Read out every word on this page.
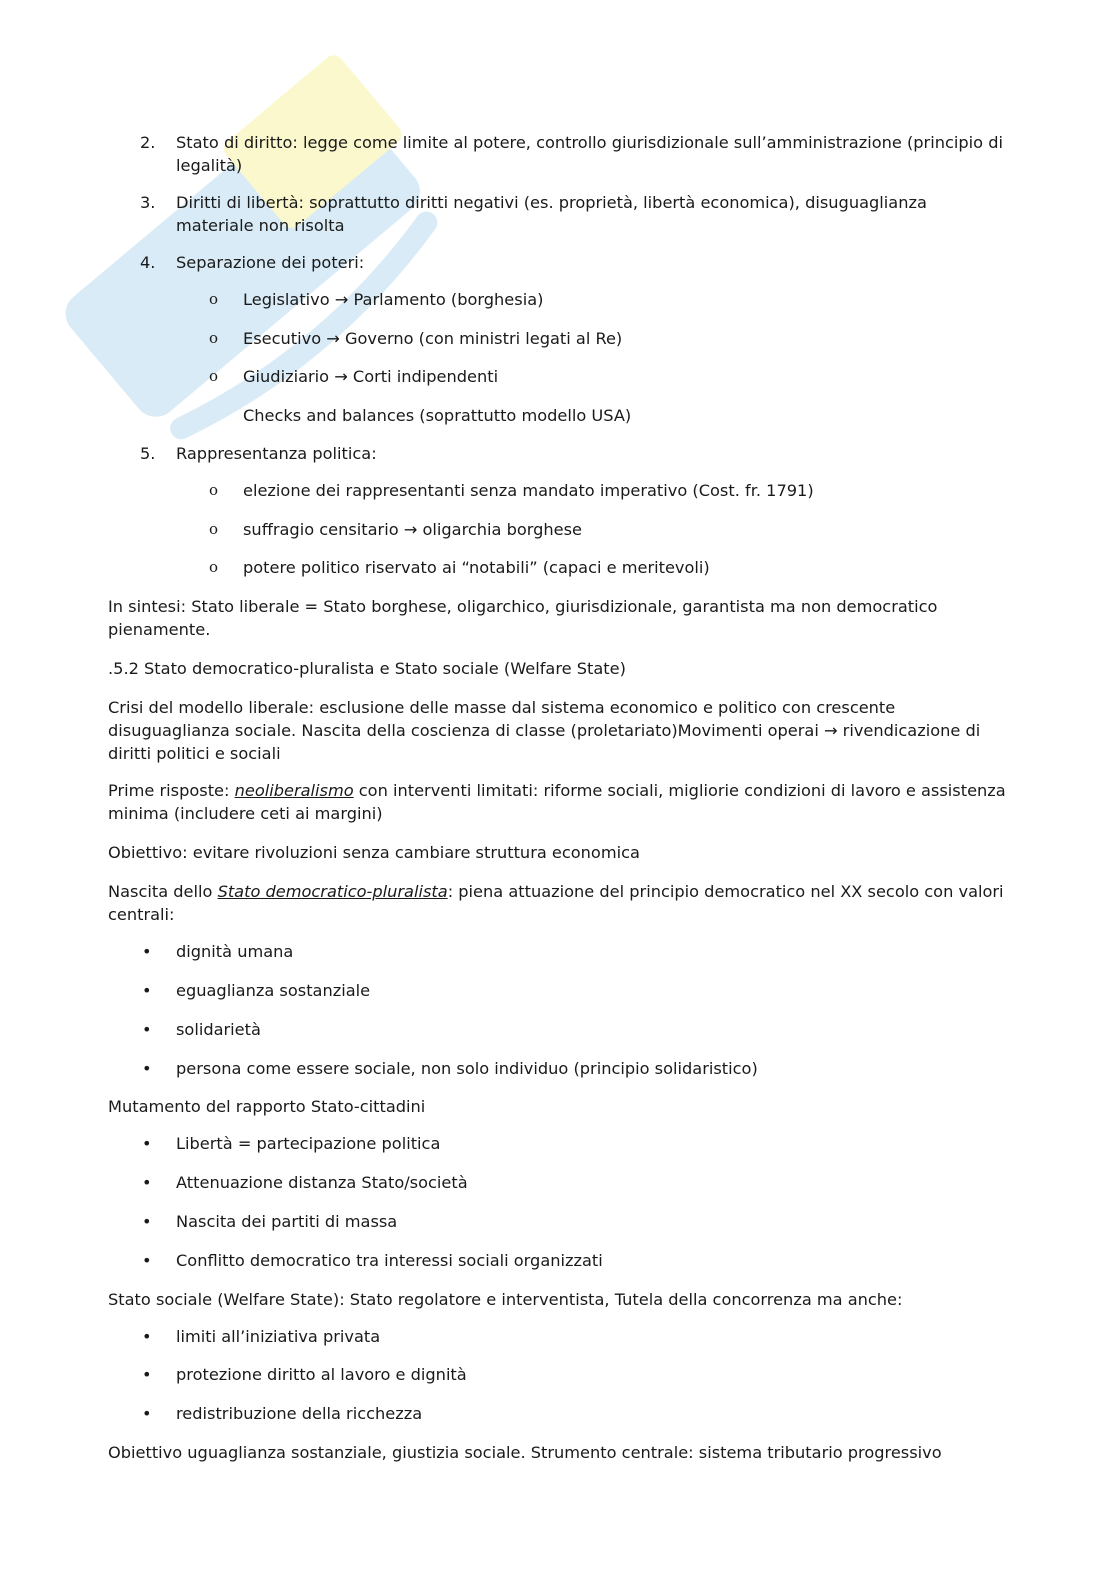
2. Stato di diritto: legge come limite al potere, controllo giurisdizionale sull’amministrazione (principio di legalità)
3. Diritti di libertà: soprattutto diritti negativi (es. proprietà, libertà economica), disuguaglianza materiale non risolta
4. Separazione dei poteri:
o Legislativo → Parlamento (borghesia)
o Esecutivo → Governo (con ministri legati al Re)
o Giudiziario → Corti indipendenti
Checks and balances (soprattutto modello USA)
5. Rappresentanza politica:
o elezione dei rappresentanti senza mandato imperativo (Cost. fr. 1791)
o suffragio censitario → oligarchia borghese
o potere politico riservato ai “notabili” (capaci e meritevoli)

In sintesi: Stato liberale = Stato borghese, oligarchico, giurisdizionale, garantista ma non democratico pienamente.

.5.2 Stato democratico-pluralista e Stato sociale (Welfare State)

Crisi del modello liberale: esclusione delle masse dal sistema economico e politico con crescente disuguaglianza sociale. Nascita della coscienza di classe (proletariato)Movimenti operai → rivendicazione di diritti politici e sociali

Prime risposte: neoliberalismo con interventi limitati: riforme sociali, migliorie condizioni di lavoro e assistenza minima (includere ceti ai margini)

Obiettivo: evitare rivoluzioni senza cambiare struttura economica

Nascita dello Stato democratico-pluralista: piena attuazione del principio democratico nel XX secolo con valori centrali:

• dignità umana
• eguaglianza sostanziale
• solidarietà
• persona come essere sociale, non solo individuo (principio solidaristico)

Mutamento del rapporto Stato-cittadini

• Libertà = partecipazione politica
• Attenuazione distanza Stato/società
• Nascita dei partiti di massa
• Conflitto democratico tra interessi sociali organizzati

Stato sociale (Welfare State): Stato regolatore e interventista, Tutela della concorrenza ma anche:

• limiti all’iniziativa privata
• protezione diritto al lavoro e dignità
• redistribuzione della ricchezza

Obiettivo uguaglianza sostanziale, giustizia sociale. Strumento centrale: sistema tributario progressivo
